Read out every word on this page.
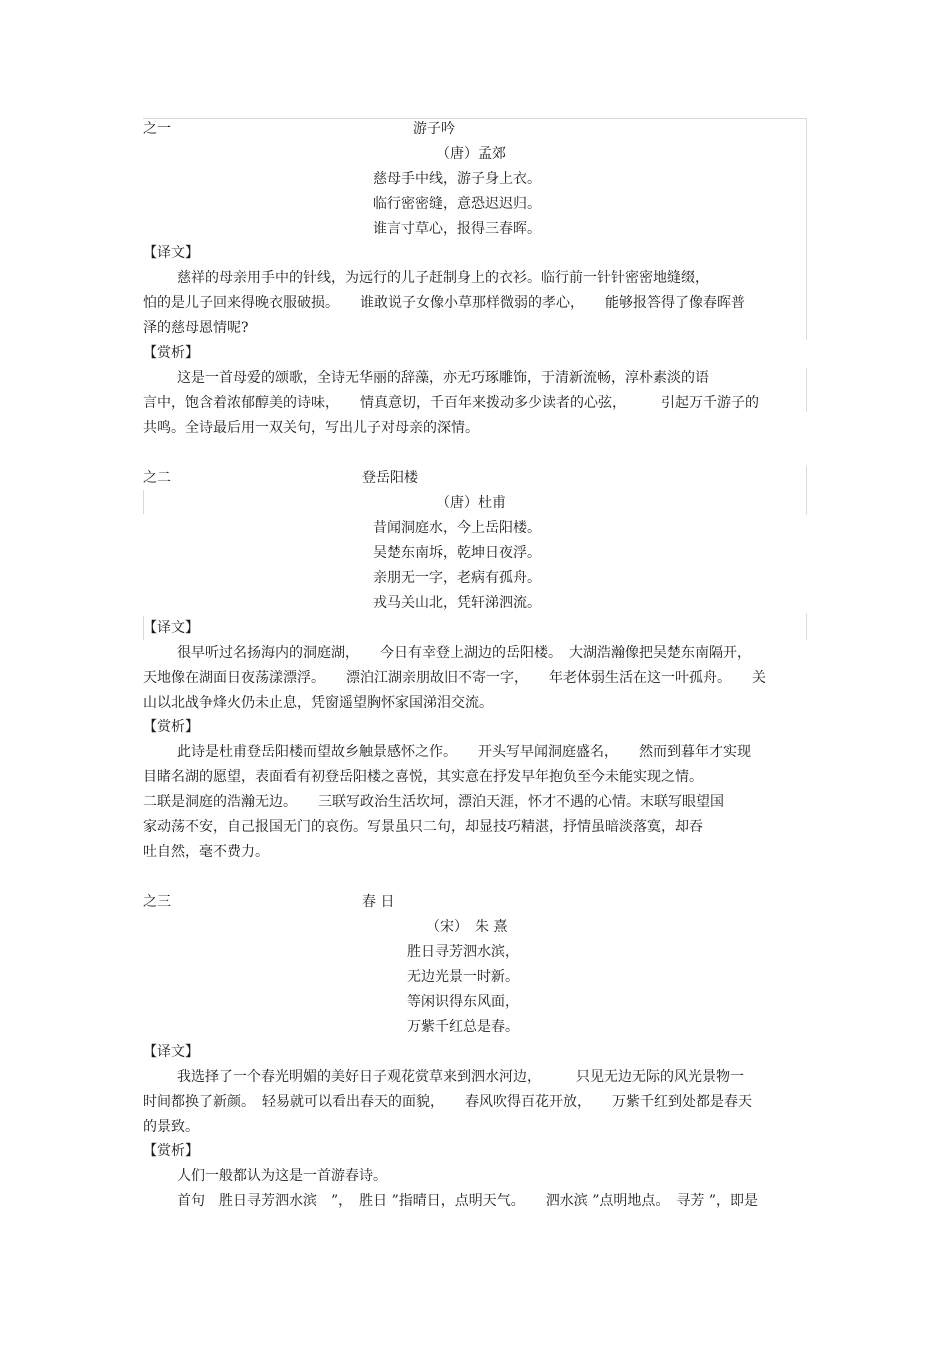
之一	游子吟
（唐）孟郊
慈母手中线，游子身上衣。
临行密密缝，意恐迟迟归。
谁言寸草心，报得三春晖。
【译文】
慈祥的母亲用手中的针线，为远行的儿子赶制身上的衣衫。临行前一针针密密地缝缀，
怕的是儿子回来得晚衣服破损。　　谁敢说子女像小草那样微弱的孝心，　　能够报答得了像春晖普
泽的慈母恩情呢?
【赏析】
这是一首母爱的颂歌，全诗无华丽的辞藻，亦无巧琢雕饰，于清新流畅，淳朴素淡的语
言中，饱含着浓郁醇美的诗味，　　情真意切，千百年来拨动多少读者的心弦，　　　引起万千游子的
共鸣。全诗最后用一双关句，写出儿子对母亲的深情。
之二	登岳阳楼
（唐）杜甫
昔闻洞庭水，今上岳阳楼。
吴楚东南坼，乾坤日夜浮。
亲朋无一字，老病有孤舟。
戎马关山北，凭轩涕泗流。
【译文】
很早听过名扬海内的洞庭湖，　　今日有幸登上湖边的岳阳楼。　大湖浩瀚像把吴楚东南隔开，
天地像在湖面日夜荡漾漂浮。　　漂泊江湖亲朋故旧不寄一字，　　年老体弱生活在这一叶孤舟。　　关
山以北战争烽火仍未止息，凭窗遥望胸怀家国涕泪交流。
【赏析】
此诗是杜甫登岳阳楼而望故乡触景感怀之作。　　开头写早闻洞庭盛名，　　然而到暮年才实现
目睹名湖的愿望，表面看有初登岳阳楼之喜悦，其实意在抒发早年抱负至今未能实现之情。
二联是洞庭的浩瀚无边。　　三联写政治生活坎坷，漂泊天涯，怀才不遇的心情。末联写眼望国
家动荡不安，自己报国无门的哀伤。写景虽只二句，却显技巧精湛，抒情虽暗淡落寞，却吞
吐自然，毫不费力。
之三	春 日
（宋）　朱 熹
胜日寻芳泗水滨，
无边光景一时新。
等闲识得东风面，
万紫千红总是春。
【译文】
我选择了一个春光明媚的美好日子观花赏草来到泗水河边，　　　只见无边无际的风光景物一
时间都换了新颜。　轻易就可以看出春天的面貌，　　春风吹得百花开放，　　万紫千红到处都是春天
的景致。
【赏析】
人们一般都认为这是一首游春诗。
首句　胜日寻芳泗水滨　”，　胜日 ”指晴日，点明天气。　　泗水滨 ”点明地点。　寻芳 ”，即是
